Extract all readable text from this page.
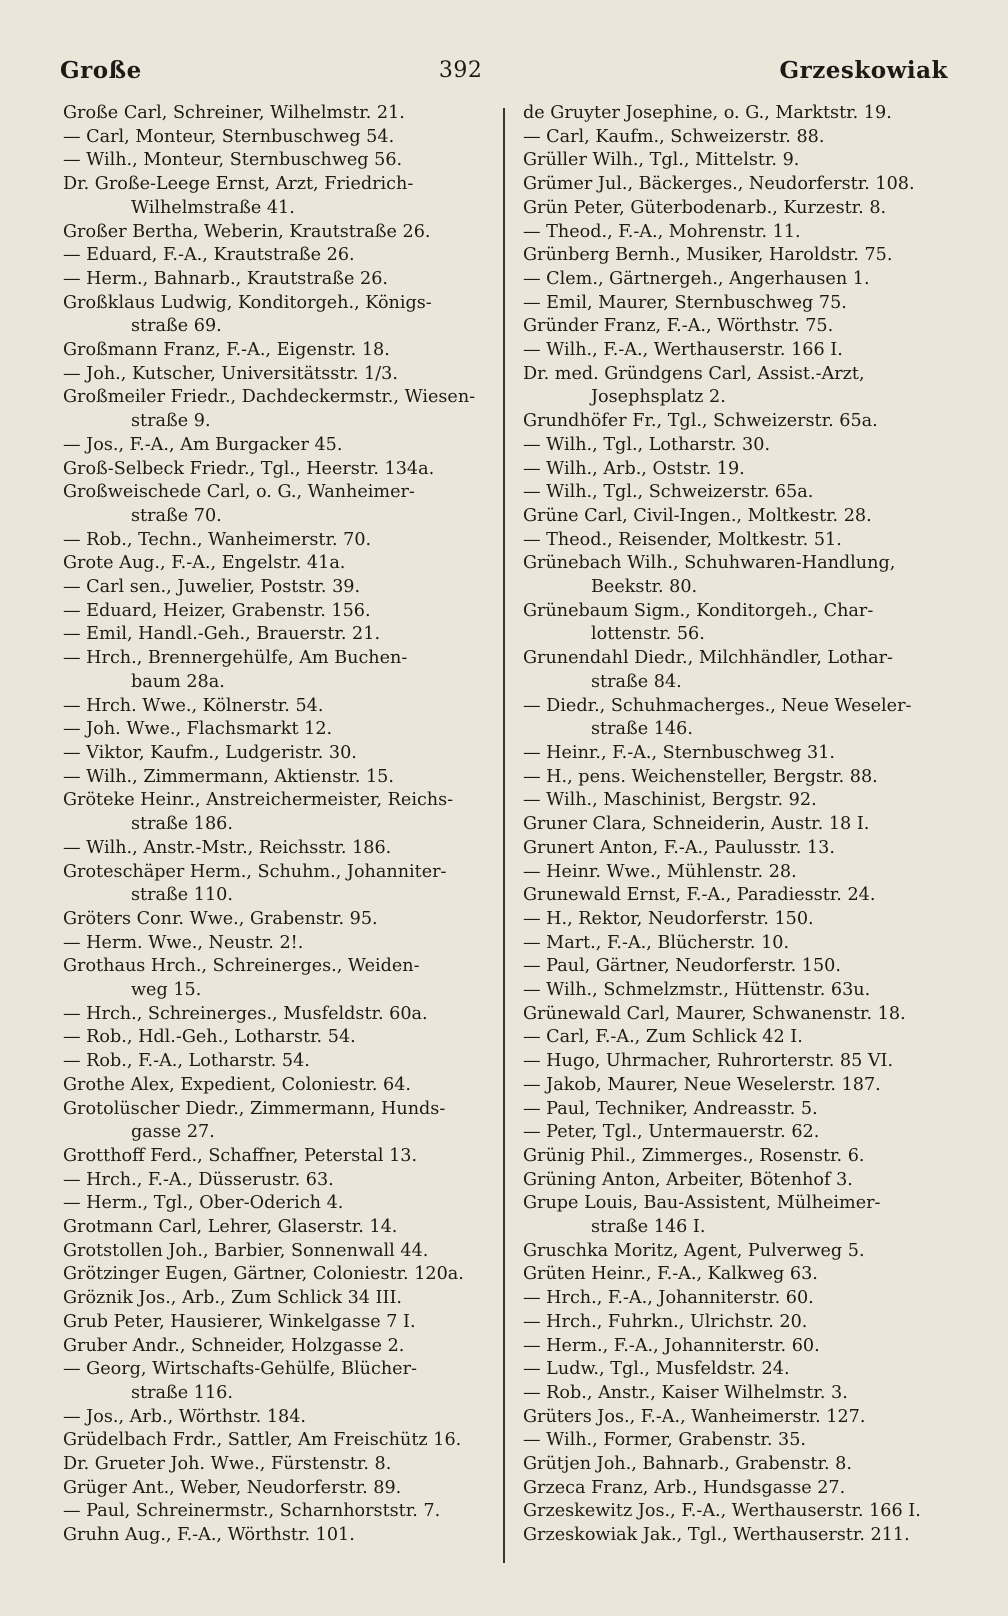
Große	392	Grzeskowiak
Große Carl, Schreiner, Wilhelmstr. 21.
— Carl, Monteur, Sternbuschweg 54.
— Wilh., Monteur, Sternbuschweg 56.
Dr. Große-Leege Ernst, Arzt, Friedrich-
Wilhelmstraße 41.
Großer Bertha, Weberin, Krautstraße 26.
— Eduard, F.-A., Krautstraße 26.
— Herm., Bahnarb., Krautstraße 26.
Großklaus Ludwig, Konditorgeh., Königs-
straße 69.
Großmann Franz, F.-A., Eigenstr. 18.
— Joh., Kutscher, Universitätsstr. 1/3.
Großmeiler Friedr., Dachdeckermstr., Wiesen-
straße 9.
— Jos., F.-A., Am Burgacker 45.
Groß-Selbeck Friedr., Tgl., Heerstr. 134a.
Großweischede Carl, o. G., Wanheimer-
straße 70.
— Rob., Techn., Wanheimerstr. 70.
Grote Aug., F.-A., Engelstr. 41a.
— Carl sen., Juwelier, Poststr. 39.
— Eduard, Heizer, Grabenstr. 156.
— Emil, Handl.-Geh., Brauerstr. 21.
— Hrch., Brennergehülfe, Am Buchen-
baum 28a.
— Hrch. Wwe., Kölnerstr. 54.
— Joh. Wwe., Flachsmarkt 12.
— Viktor, Kaufm., Ludgeristr. 30.
— Wilh., Zimmermann, Aktienstr. 15.
Gröteke Heinr., Anstreichermeister, Reichs-
straße 186.
— Wilh., Anstr.-Mstr., Reichsstr. 186.
Groteschäper Herm., Schuhm., Johanniter-
straße 110.
Gröters Conr. Wwe., Grabenstr. 95.
— Herm. Wwe., Neustr. 2!.
Grothaus Hrch., Schreinerges., Weiden-
weg 15.
— Hrch., Schreinerges., Musfeldstr. 60a.
— Rob., Hdl.-Geh., Lotharstr. 54.
— Rob., F.-A., Lotharstr. 54.
Grothe Alex, Expedient, Coloniestr. 64.
Grotolüscher Diedr., Zimmermann, Hunds-
gasse 27.
Grotthoff Ferd., Schaffner, Peterstal 13.
— Hrch., F.-A., Düsserustr. 63.
— Herm., Tgl., Ober-Oderich 4.
Grotmann Carl, Lehrer, Glaserstr. 14.
Grotstollen Joh., Barbier, Sonnenwall 44.
Grötzinger Eugen, Gärtner, Coloniestr. 120a.
Gröznik Jos., Arb., Zum Schlick 34 III.
Grub Peter, Hausierer, Winkelgasse 7 I.
Gruber Andr., Schneider, Holzgasse 2.
— Georg, Wirtschafts-Gehülfe, Blücher-
straße 116.
— Jos., Arb., Wörthstr. 184.
Grüdelbach Frdr., Sattler, Am Freischütz 16.
Dr. Grueter Joh. Wwe., Fürstenstr. 8.
Grüger Ant., Weber, Neudorferstr. 89.
— Paul, Schreinermstr., Scharnhorststr. 7.
Gruhn Aug., F.-A., Wörthstr. 101.
de Gruyter Josephine, o. G., Marktstr. 19.
— Carl, Kaufm., Schweizerstr. 88.
Grüller Wilh., Tgl., Mittelstr. 9.
Grümer Jul., Bäckerges., Neudorferstr. 108.
Grün Peter, Güterbodenarb., Kurzestr. 8.
— Theod., F.-A., Mohrenstr. 11.
Grünberg Bernh., Musiker, Haroldstr. 75.
— Clem., Gärtnergeh., Angerhausen 1.
— Emil, Maurer, Sternbuschweg 75.
Gründer Franz, F.-A., Wörthstr. 75.
— Wilh., F.-A., Werthauserstr. 166 I.
Dr. med. Gründgens Carl, Assist.-Arzt,
Josephsplatz 2.
Grundhöfer Fr., Tgl., Schweizerstr. 65a.
— Wilh., Tgl., Lotharstr. 30.
— Wilh., Arb., Oststr. 19.
— Wilh., Tgl., Schweizerstr. 65a.
Grüne Carl, Civil-Ingen., Moltkestr. 28.
— Theod., Reisender, Moltkestr. 51.
Grünebach Wilh., Schuhwaren-Handlung,
Beekstr. 80.
Grünebaum Sigm., Konditorgeh., Char-
lottenstr. 56.
Grunendahl Diedr., Milchhändler, Lothar-
straße 84.
— Diedr., Schuhmacherges., Neue Weseler-
straße 146.
— Heinr., F.-A., Sternbuschweg 31.
— H., pens. Weichensteller, Bergstr. 88.
— Wilh., Maschinist, Bergstr. 92.
Gruner Clara, Schneiderin, Austr. 18 I.
Grunert Anton, F.-A., Paulusstr. 13.
— Heinr. Wwe., Mühlenstr. 28.
Grunewald Ernst, F.-A., Paradiesstr. 24.
— H., Rektor, Neudorferstr. 150.
— Mart., F.-A., Blücherstr. 10.
— Paul, Gärtner, Neudorferstr. 150.
— Wilh., Schmelzmstr., Hüttenstr. 63u.
Grünewald Carl, Maurer, Schwanenstr. 18.
— Carl, F.-A., Zum Schlick 42 I.
— Hugo, Uhrmacher, Ruhrorterstr. 85 VI.
— Jakob, Maurer, Neue Weselerstr. 187.
— Paul, Techniker, Andreasstr. 5.
— Peter, Tgl., Untermauerstr. 62.
Grünig Phil., Zimmerges., Rosenstr. 6.
Grüning Anton, Arbeiter, Bötenhof 3.
Grupe Louis, Bau-Assistent, Mülheimer-
straße 146 I.
Gruschka Moritz, Agent, Pulverweg 5.
Grüten Heinr., F.-A., Kalkweg 63.
— Hrch., F.-A., Johanniterstr. 60.
— Hrch., Fuhrkn., Ulrichstr. 20.
— Herm., F.-A., Johanniterstr. 60.
— Ludw., Tgl., Musfeldstr. 24.
— Rob., Anstr., Kaiser Wilhelmstr. 3.
Grüters Jos., F.-A., Wanheimerstr. 127.
— Wilh., Former, Grabenstr. 35.
Grütjen Joh., Bahnarb., Grabenstr. 8.
Grzeca Franz, Arb., Hundsgasse 27.
Grzeskewitz Jos., F.-A., Werthauserstr. 166 I.
Grzeskowiak Jak., Tgl., Werthauserstr. 211.
